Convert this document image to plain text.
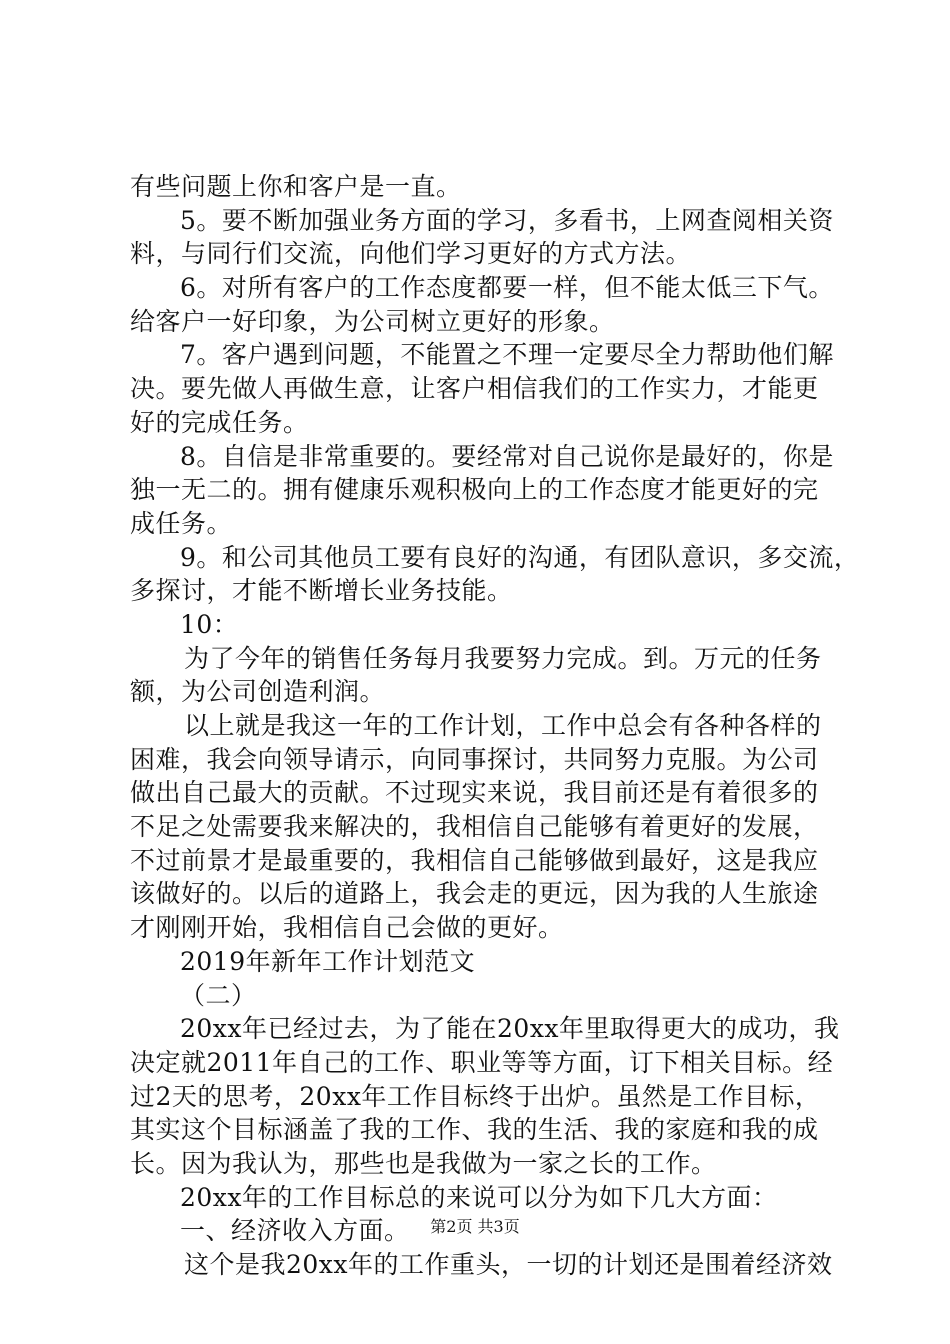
有些问题上你和客户是一直。
5。要不断加强业务方面的学习，多看书，上网查阅相关资
料，与同行们交流，向他们学习更好的方式方法。
6。对所有客户的工作态度都要一样，但不能太低三下气。
给客户一好印象，为公司树立更好的形象。
7。客户遇到问题，不能置之不理一定要尽全力帮助他们解
决。要先做人再做生意，让客户相信我们的工作实力，才能更
好的完成任务。
8。自信是非常重要的。要经常对自己说你是最好的，你是
独一无二的。拥有健康乐观积极向上的工作态度才能更好的完
成任务。
9。和公司其他员工要有良好的沟通，有团队意识，多交流，
多探讨，才能不断增长业务技能。
10：
为了今年的销售任务每月我要努力完成。到。万元的任务
额，为公司创造利润。
以上就是我这一年的工作计划，工作中总会有各种各样的
困难，我会向领导请示，向同事探讨，共同努力克服。为公司
做出自己最大的贡献。不过现实来说，我目前还是有着很多的
不足之处需要我来解决的，我相信自己能够有着更好的发展，
不过前景才是最重要的，我相信自己能够做到最好，这是我应
该做好的。以后的道路上，我会走的更远，因为我的人生旅途
才刚刚开始，我相信自己会做的更好。
2019年新年工作计划范文
（二）
20xx年已经过去，为了能在20xx年里取得更大的成功，我
决定就2011年自己的工作、职业等等方面，订下相关目标。经
过2天的思考，20xx年工作目标终于出炉。虽然是工作目标，
其实这个目标涵盖了我的工作、我的生活、我的家庭和我的成
长。因为我认为，那些也是我做为一家之长的工作。
20xx年的工作目标总的来说可以分为如下几大方面：
一、经济收入方面。
这个是我20xx年的工作重头，一切的计划还是围着经济效
第2页 共3页
